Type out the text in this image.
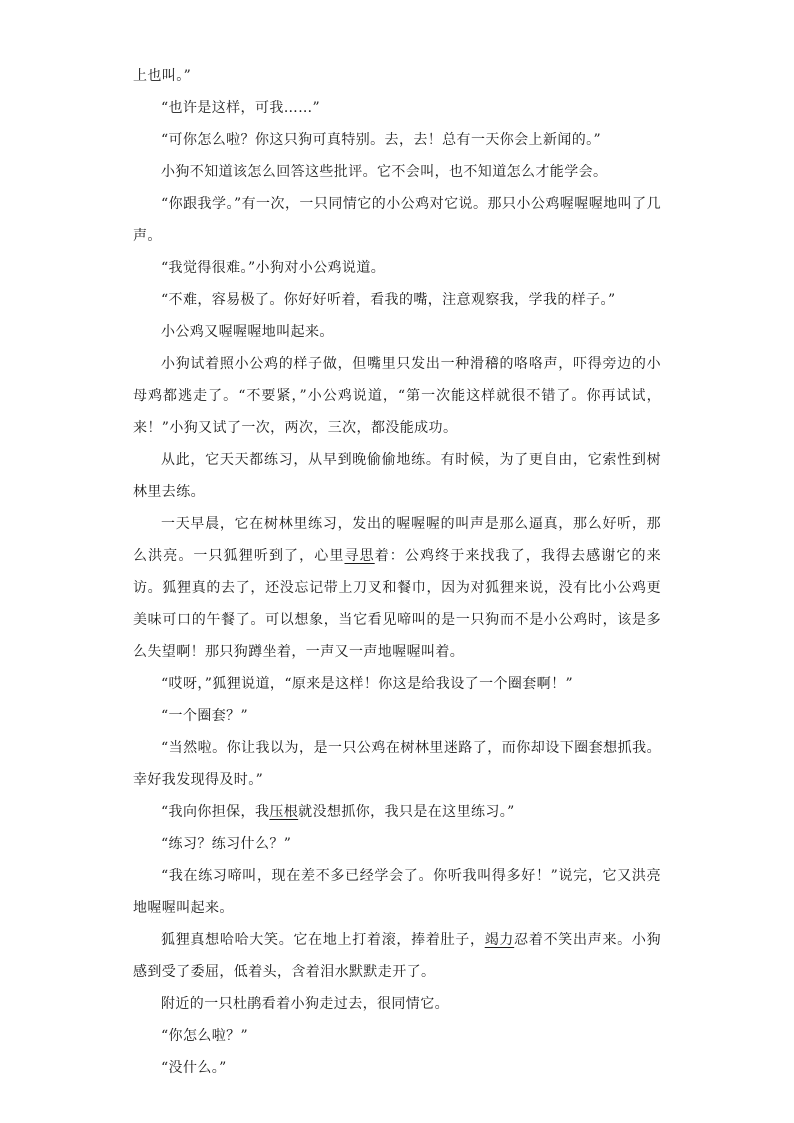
上也叫。”

“也许是这样，可我……”

“可你怎么啦？你这只狗可真特别。去，去！总有一天你会上新闻的。”

小狗不知道该怎么回答这些批评。它不会叫，也不知道怎么才能学会。

“你跟我学。”有一次，一只同情它的小公鸡对它说。那只小公鸡喔喔喔地叫了几声。

“我觉得很难。”小狗对小公鸡说道。

“不难，容易极了。你好好听着，看我的嘴，注意观察我，学我的样子。”

小公鸡又喔喔喔地叫起来。

小狗试着照小公鸡的样子做，但嘴里只发出一种滑稽的咯咯声，吓得旁边的小母鸡都逃走了。“不要紧，”小公鸡说道，“第一次能这样就很不错了。你再试试，来！”小狗又试了一次，两次，三次，都没能成功。

从此，它天天都练习，从早到晚偷偷地练。有时候，为了更自由，它索性到树林里去练。

一天早晨，它在树林里练习，发出的喔喔喔的叫声是那么逼真，那么好听，那么洪亮。一只狐狸听到了，心里寻思着：公鸡终于来找我了，我得去感谢它的来访。狐狸真的去了，还没忘记带上刀叉和餐巾，因为对狐狸来说，没有比小公鸡更美味可口的午餐了。可以想象，当它看见啼叫的是一只狗而不是小公鸡时，该是多么失望啊！那只狗蹲坐着，一声又一声地喔喔叫着。

“哎呀，”狐狸说道，“原来是这样！你这是给我设了一个圈套啊！”

“一个圈套？”

“当然啦。你让我以为，是一只公鸡在树林里迷路了，而你却设下圈套想抓我。幸好我发现得及时。”

“我向你担保，我压根就没想抓你，我只是在这里练习。”

“练习？练习什么？”

“我在练习啼叫，现在差不多已经学会了。你听我叫得多好！”说完，它又洪亮地喔喔叫起来。

狐狸真想哈哈大笑。它在地上打着滚，捧着肚子，竭力忍着不笑出声来。小狗感到受了委屈，低着头，含着泪水默默走开了。

附近的一只杜鹃看着小狗走过去，很同情它。

“你怎么啦？”

“没什么。”
